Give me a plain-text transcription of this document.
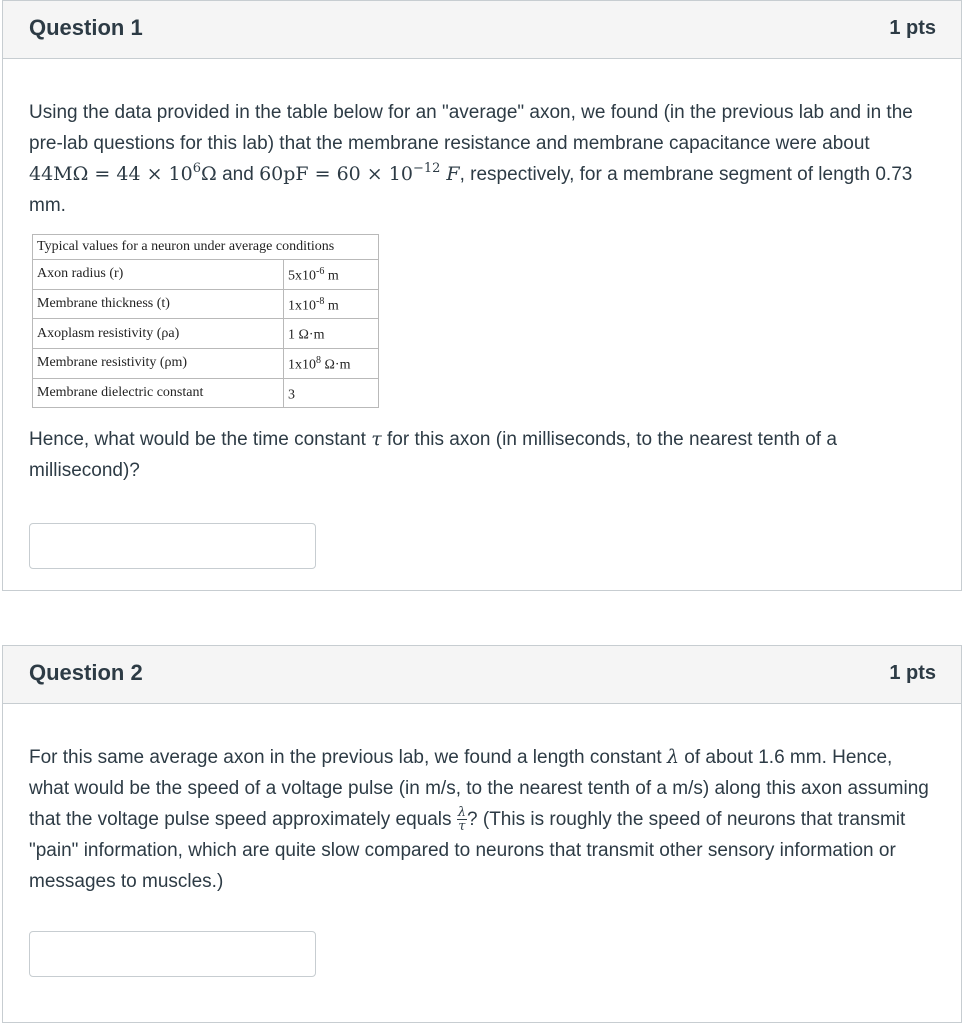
Question 1	1 pts
Using the data provided in the table below for an "average" axon, we found (in the previous lab and in the pre-lab questions for this lab) that the membrane resistance and membrane capacitance were about $44M\Omega = 44 \times 10^6\Omega$ and $60pF = 60 \times 10^{-12}$ F, respectively, for a membrane segment of length 0.73 mm.
Typical values for a neuron under average conditions	
Axon radius (r)	$5x10^{-6}$ m
Membrane thickness (t)	$1x10^{-8}$ m
Axoplasm resistivity (ρa)	1 Ω·m
Membrane resistivity (ρm)	$1x10^8$ Ω·m
Membrane dielectric constant	3
Hence, what would be the time constant τ for this axon (in milliseconds, to the nearest tenth of a millisecond)?
Question 2	1 pts
For this same average axon in the previous lab, we found a length constant λ of about 1.6 mm. Hence, what would be the speed of a voltage pulse (in m/s, to the nearest tenth of a m/s) along this axon assuming that the voltage pulse speed approximately equals $\frac{\lambda}{\tau}$ ? (This is roughly the speed of neurons that transmit "pain" information, which are quite slow compared to neurons that transmit other sensory information or messages to muscles.)
